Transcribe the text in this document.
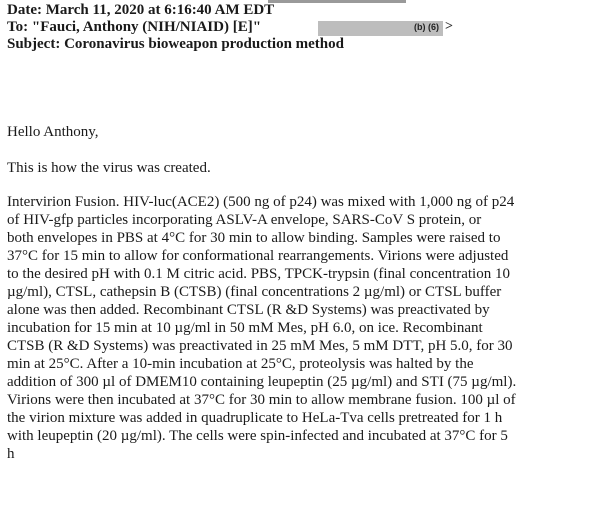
Date: March 11, 2020 at 6:16:40 AM EDT
To: "Fauci, Anthony (NIH/NIAID) [E]"	(b) (6) >
Subject: Coronavirus bioweapon production method

Hello Anthony,

This is how the virus was created.

Intervirion Fusion. HIV-luc(ACE2) (500 ng of p24) was mixed with 1,000 ng of p24
of HIV-gfp particles incorporating ASLV-A envelope, SARS-CoV S protein, or
both envelopes in PBS at 4°C for 30 min to allow binding. Samples were raised to
37°C for 15 min to allow for conformational rearrangements. Virions were adjusted
to the desired pH with 0.1 M citric acid. PBS, TPCK-trypsin (final concentration 10
µg/ml), CTSL, cathepsin B (CTSB) (final concentrations 2 µg/ml) or CTSL buffer
alone was then added. Recombinant CTSL (R &D Systems) was preactivated by
incubation for 15 min at 10 µg/ml in 50 mM Mes, pH 6.0, on ice. Recombinant
CTSB (R &D Systems) was preactivated in 25 mM Mes, 5 mM DTT, pH 5.0, for 30
min at 25°C. After a 10-min incubation at 25°C, proteolysis was halted by the
addition of 300 µl of DMEM10 containing leupeptin (25 µg/ml) and STI (75 µg/ml).
Virions were then incubated at 37°C for 30 min to allow membrane fusion. 100 µl of
the virion mixture was added in quadruplicate to HeLa-Tva cells pretreated for 1 h
with leupeptin (20 µg/ml). The cells were spin-infected and incubated at 37°C for 5
h
